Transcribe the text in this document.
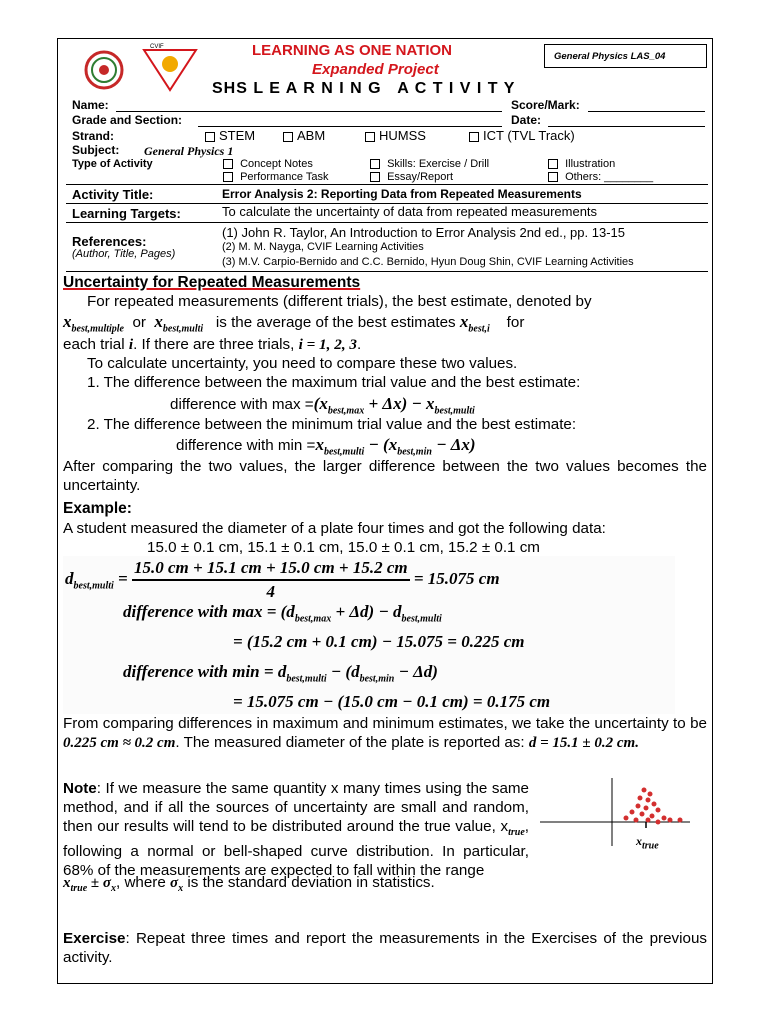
CVIF	LEARNING AS ONE NATION
Expanded Project
SHS L E A R N I N G   A C T I V I T Y
General Physics LAS_04
Name:	Score/Mark:
Grade and Section:	Date:
Strand:	STEM	ABM	HUMSS	ICT (TVL Track)
Subject: General Physics 1
Type of Activity	Concept Notes	Skills: Exercise / Drill	Illustration
Performance Task	Essay/Report	Others: ________
Activity Title:	Error Analysis 2: Reporting Data from Repeated Measurements
Learning Targets:	To calculate the uncertainty of data from repeated measurements
References:
(Author, Title, Pages)
(1) John R. Taylor, An Introduction to Error Analysis 2nd ed., pp. 13-15
(2) M. M. Nayga, CVIF Learning Activities
(3) M.V. Carpio-Bernido and C.C. Bernido, Hyun Doug Shin, CVIF Learning Activities
Uncertainty for Repeated Measurements
For repeated measurements (different trials), the best estimate, denoted by
$x_{best,multiple}$ or $x_{best,multi}$ is the average of the best estimates $x_{best,i}$ for
each trial i. If there are three trials, i = 1, 2, 3.
To calculate uncertainty, you need to compare these two values.
1. The difference between the maximum trial value and the best estimate:
difference with $\max =(x_{best,max} + \Delta x) - x_{best,multi}$
2. The difference between the minimum trial value and the best estimate:
difference with $\min =x_{best,multi} - (x_{best,min} - \Delta x)$
After comparing the two values, the larger difference between the two values becomes the uncertainty.
Example:
A student measured the diameter of a plate four times and got the following data:
15.0 ± 0.1 cm, 15.1 ± 0.1 cm, 15.0 ± 0.1 cm, 15.2 ± 0.1 cm
$d_{best,multi} = \frac{15.0 cm + 15.1 cm + 15.0 cm + 15.2 cm}{4} = 15.075$ cm
difference with $\max = (d_{best,max} + \Delta d) - d_{best,multi}$
= (15.2 cm + 0.1 cm) − 15.075 = 0.225 cm
difference with $\min = d_{best,multi} - (d_{best,min} - \Delta d)$
= 15.075 cm − (15.0 cm − 0.1 cm) = 0.175 cm
From comparing differences in maximum and minimum estimates, we take the uncertainty to be 0.225 cm ≈ 0.2 cm. The measured diameter of the plate is reported as: d = 15.1 ± 0.2 cm.
Note: If we measure the same quantity x many times using the same method, and if all the sources of uncertainty are small and random, then our results will tend to be distributed around the true value, $x_{true}$, following a normal or bell-shaped curve distribution. In particular, 68% of the measurements are expected to fall within the range
$x_{true} \pm \sigma_x$, where $\sigma_x$ is the standard deviation in statistics.
$x_{true}$
Exercise: Repeat three times and report the measurements in the Exercises of the previous activity.
